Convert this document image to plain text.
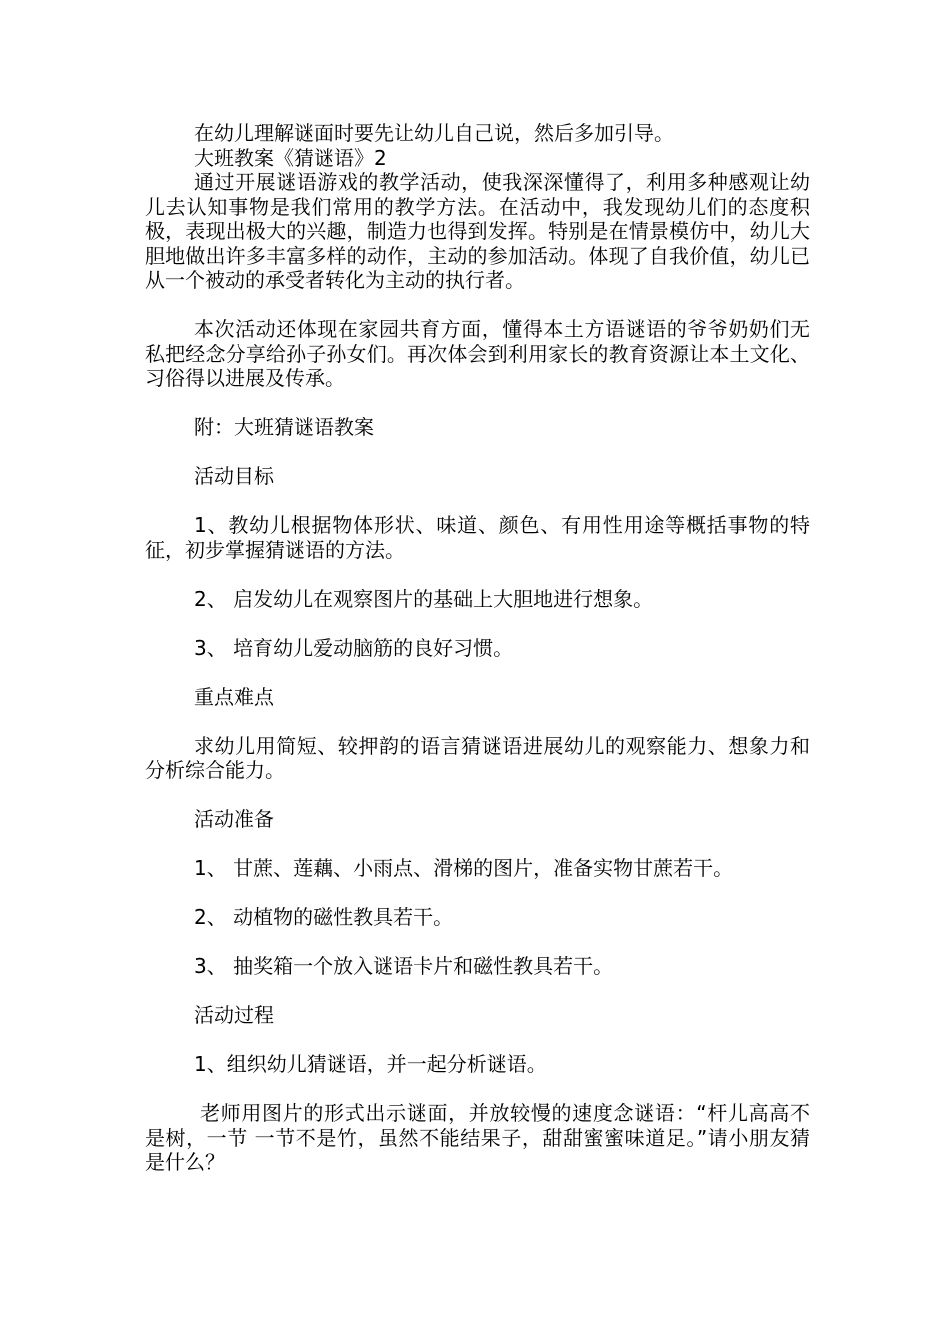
在幼儿理解谜面时要先让幼儿自己说，然后多加引导。

大班教案《猜谜语》2

通过开展谜语游戏的教学活动，使我深深懂得了，利用多种感观让幼儿去认知事物是我们常用的教学方法。在活动中，我发现幼儿们的态度积极，表现出极大的兴趣，制造力也得到发挥。特别是在情景模仿中，幼儿大胆地做出许多丰富多样的动作，主动的参加活动。体现了自我价值，幼儿已从一个被动的承受者转化为主动的执行者。

本次活动还体现在家园共育方面，懂得本土方语谜语的爷爷奶奶们无私把经念分享给孙子孙女们。再次体会到利用家长的教育资源让本土文化、习俗得以进展及传承。

附：大班猜谜语教案

活动目标

1、教幼儿根据物体形状、味道、颜色、有用性用途等概括事物的特征，初步掌握猜谜语的方法。

2、 启发幼儿在观察图片的基础上大胆地进行想象。

3、 培育幼儿爱动脑筋的良好习惯。

重点难点

求幼儿用简短、较押韵的语言猜谜语进展幼儿的观察能力、想象力和分析综合能力。

活动准备

1、 甘蔗、莲藕、小雨点、滑梯的图片，准备实物甘蔗若干。

2、 动植物的磁性教具若干。

3、 抽奖箱一个放入谜语卡片和磁性教具若干。

活动过程

1、组织幼儿猜谜语，并一起分析谜语。

老师用图片的形式出示谜面，并放较慢的速度念谜语：“杆儿高高不是树，一节 一节不是竹，虽然不能结果子，甜甜蜜蜜味道足。”请小朋友猜是什么？
